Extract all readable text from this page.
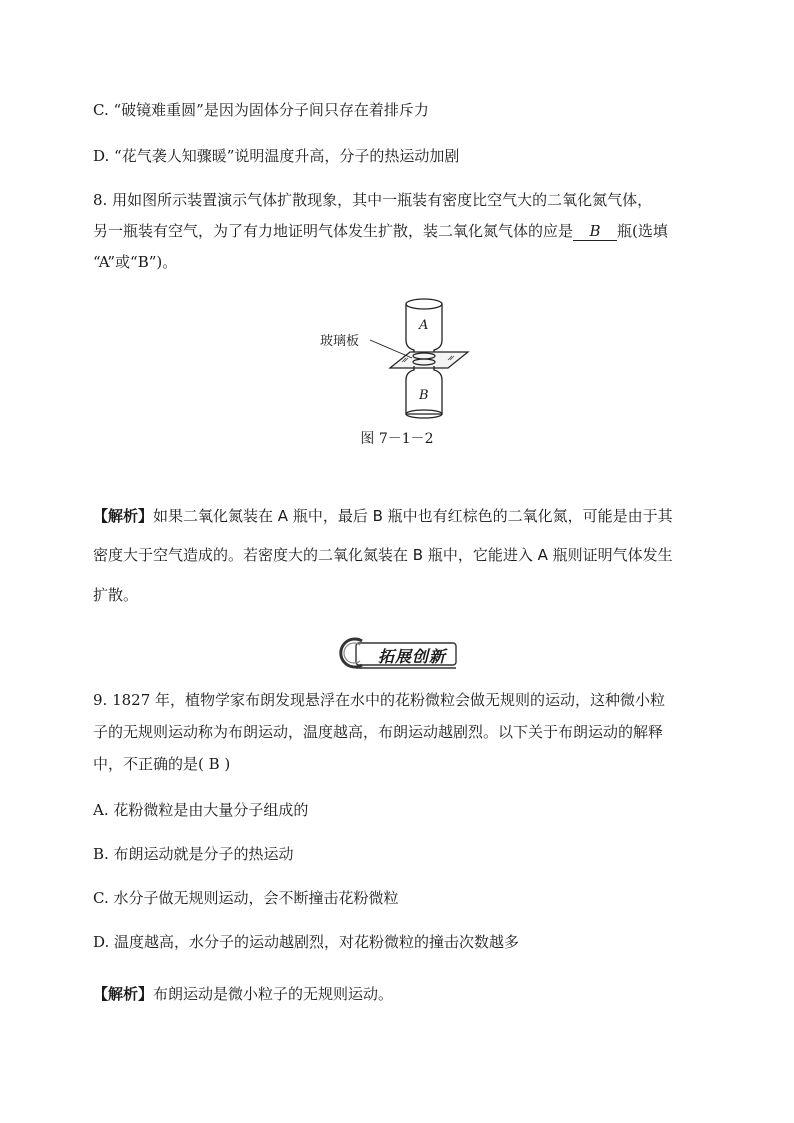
C. “破镜难重圆”是因为固体分子间只存在着排斥力
D. “花气袭人知骤暖”说明温度升高，分子的热运动加剧
8. 用如图所示装置演示气体扩散现象，其中一瓶装有密度比空气大的二氧化氮气体，
另一瓶装有空气，为了有力地证明气体发生扩散，装二氧化氮气体的应是 B 瓶(选填
“A”或“B”)。
玻璃板
A
B
图 7－1－2
【解析】如果二氧化氮装在 A 瓶中，最后 B 瓶中也有红棕色的二氧化氮，可能是由于其
密度大于空气造成的。若密度大的二氧化氮装在 B 瓶中，它能进入 A 瓶则证明气体发生
扩散。
拓展创新
9. 1827 年，植物学家布朗发现悬浮在水中的花粉微粒会做无规则的运动，这种微小粒
子的无规则运动称为布朗运动，温度越高，布朗运动越剧烈。以下关于布朗运动的解释
中，不正确的是( B )
A. 花粉微粒是由大量分子组成的
B. 布朗运动就是分子的热运动
C. 水分子做无规则运动，会不断撞击花粉微粒
D. 温度越高，水分子的运动越剧烈，对花粉微粒的撞击次数越多
【解析】布朗运动是微小粒子的无规则运动。
